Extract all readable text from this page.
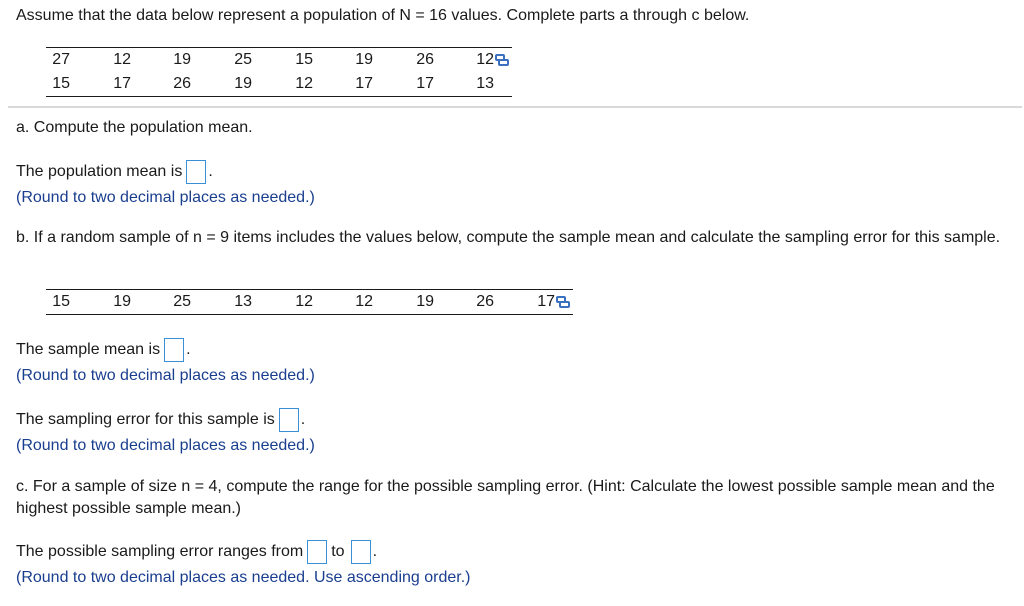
Assume that the data below represent a population of N = 16 values. Complete parts a through c below.
27	12	19	25	15	19	26	12	

15	17	26	19	12	17	17	13	
a. Compute the population mean.
The population mean is .
(Round to two decimal places as needed.)
b. If a random sample of n = 9 items includes the values below, compute the sample mean and calculate the sampling error for this sample.
15	19	25	13	12	12	19	26	17	
The sample mean is .
(Round to two decimal places as needed.)
The sampling error for this sample is .
(Round to two decimal places as needed.)
c. For a sample of size n = 4, compute the range for the possible sampling error. (Hint: Calculate the lowest possible sample mean and the highest possible sample mean.)
The possible sampling error ranges from to .
(Round to two decimal places as needed. Use ascending order.)
